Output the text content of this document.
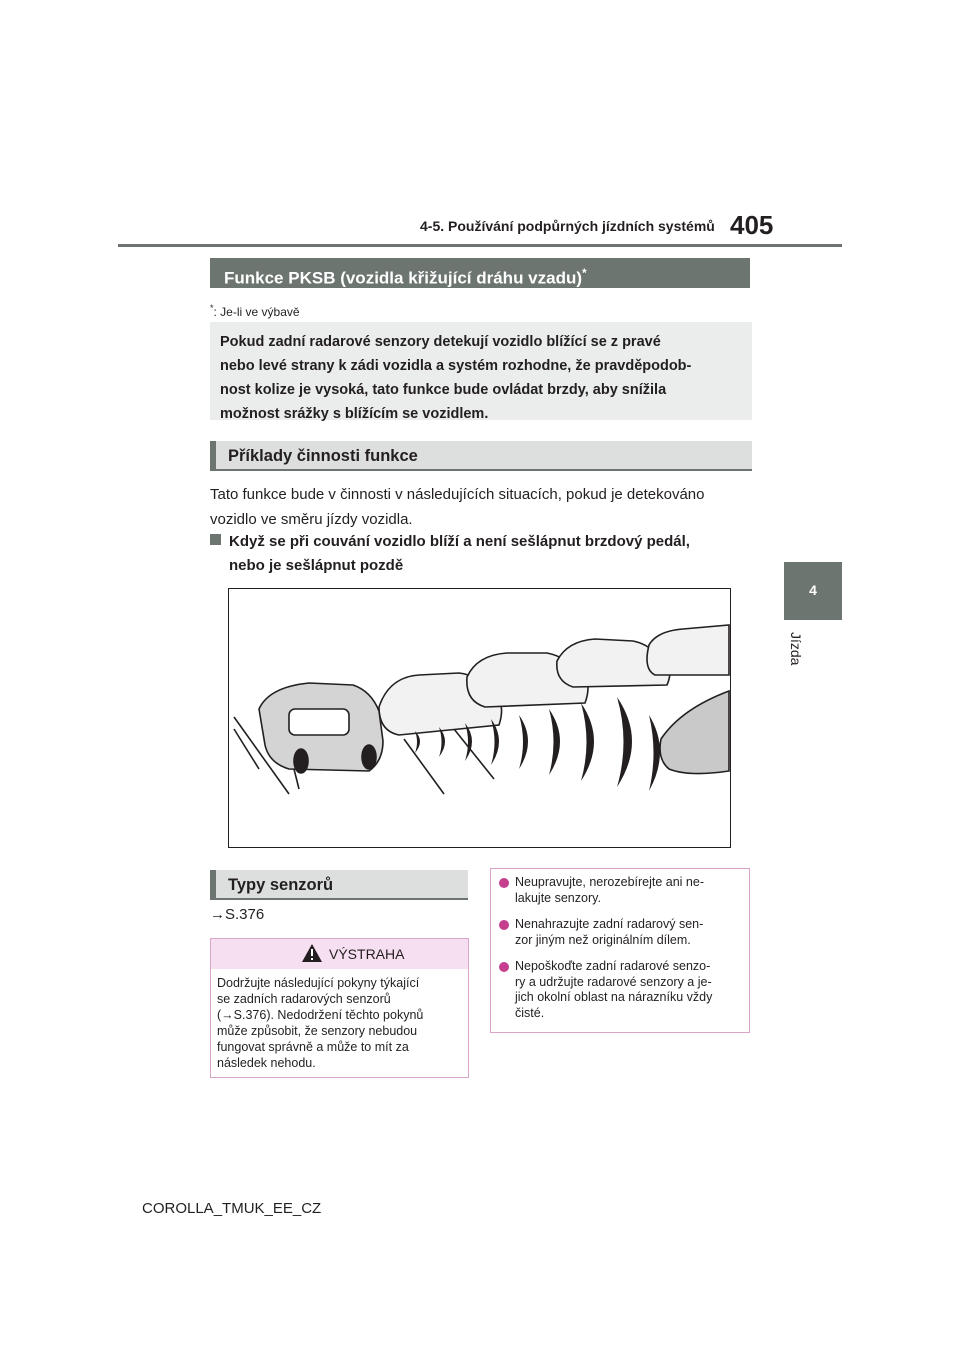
4-5. Používání podpůrných jízdních systémů 405
4
Jízda
Funkce PKSB (vozidla křižující dráhu vzadu)*
*: Je-li ve výbavě
Pokud zadní radarové senzory detekují vozidlo blížící se z pravé
nebo levé strany k zádi vozidla a systém rozhodne, že pravděpodob-
nost kolize je vysoká, tato funkce bude ovládat brzdy, aby snížila
možnost srážky s blížícím se vozidlem.
Příklady činnosti funkce
Tato funkce bude v činnosti v následujících situacích, pokud je detekováno
vozidlo ve směru jízdy vozidla.
Když se při couvání vozidlo blíží a není sešlápnut brzdový pedál,
nebo je sešlápnut pozdě
Typy senzorů
→S.376
VÝSTRAHA
Dodržujte následující pokyny týkající
se zadních radarových senzorů
(→S.376). Nedodržení těchto pokynů
může způsobit, že senzory nebudou
fungovat správně a může to mít za
následek nehodu.
Neupravujte, nerozebírejte ani ne-
lakujte senzory.
Nenahrazujte zadní radarový sen-
zor jiným než originálním dílem.
Nepoškoďte zadní radarové senzo-
ry a udržujte radarové senzory a je-
jich okolní oblast na nárazníku vždy
čisté.
COROLLA_TMUK_EE_CZ
